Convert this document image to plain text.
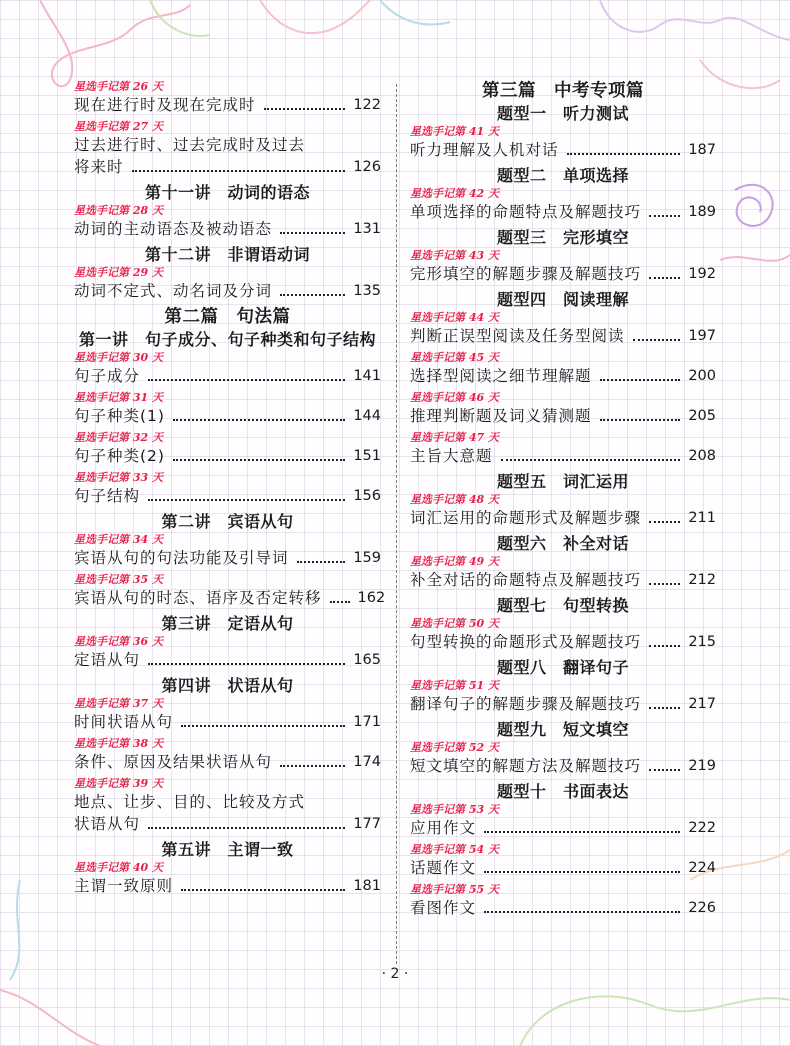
星选手记第 26 天
现在进行时及现在完成时	122
星选手记第 27 天
过去进行时、过去完成时及过去
将来时	126
第十一讲　动词的语态
星选手记第 28 天
动词的主动语态及被动语态	131
第十二讲　非谓语动词
星选手记第 29 天
动词不定式、动名词及分词	135
第二篇　句法篇
第一讲　句子成分、句子种类和句子结构
星选手记第 30 天
句子成分	141
星选手记第 31 天
句子种类(1)	144
星选手记第 32 天
句子种类(2)	151
星选手记第 33 天
句子结构	156
第二讲　宾语从句
星选手记第 34 天
宾语从句的句法功能及引导词	159
星选手记第 35 天
宾语从句的时态、语序及否定转移 162
第三讲　定语从句
星选手记第 36 天
定语从句	165
第四讲　状语从句
星选手记第 37 天
时间状语从句	171
星选手记第 38 天
条件、原因及结果状语从句	174
星选手记第 39 天
地点、让步、目的、比较及方式
状语从句	177
第五讲　主谓一致
星选手记第 40 天
主谓一致原则	181
第三篇　中考专项篇
题型一　听力测试
星选手记第 41 天
听力理解及人机对话	187
题型二　单项选择
星选手记第 42 天
单项选择的命题特点及解题技巧	189
题型三　完形填空
星选手记第 43 天
完形填空的解题步骤及解题技巧	192
题型四　阅读理解
星选手记第 44 天
判断正误型阅读及任务型阅读	197
星选手记第 45 天
选择型阅读之细节理解题	200
星选手记第 46 天
推理判断题及词义猜测题	205
星选手记第 47 天
主旨大意题	208
题型五　词汇运用
星选手记第 48 天
词汇运用的命题形式及解题步骤	211
题型六　补全对话
星选手记第 49 天
补全对话的命题特点及解题技巧	212
题型七　句型转换
星选手记第 50 天
句型转换的命题形式及解题技巧	215
题型八　翻译句子
星选手记第 51 天
翻译句子的解题步骤及解题技巧	217
题型九　短文填空
星选手记第 52 天
短文填空的解题方法及解题技巧	219
题型十　书面表达
星选手记第 53 天
应用作文	222
星选手记第 54 天
话题作文	224
星选手记第 55 天
看图作文	226
· 2 ·
